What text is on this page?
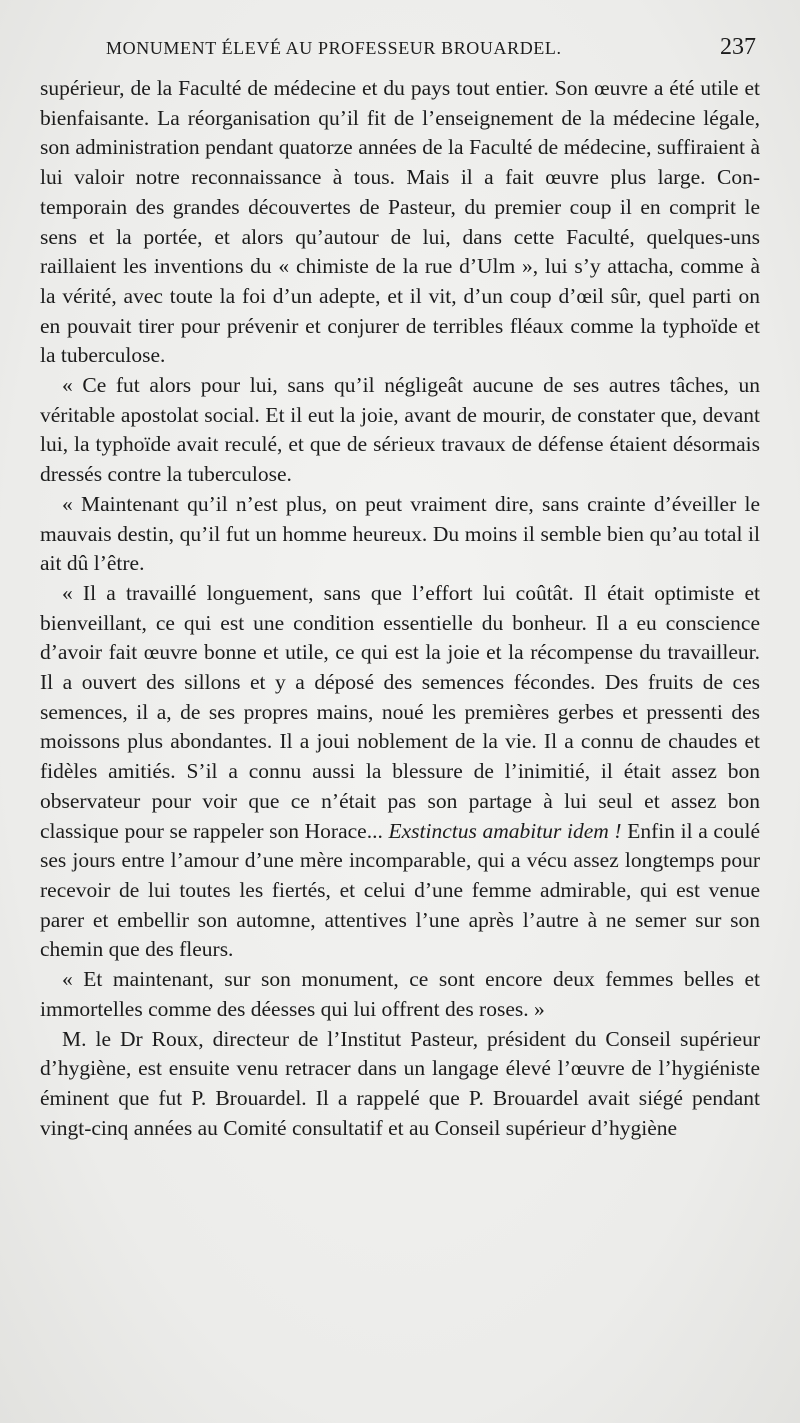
MONUMENT ÉLEVÉ AU PROFESSEUR BROUARDEL.	237

supérieur, de la Faculté de médecine et du pays tout entier. Son œuvre a été utile et bienfaisante. La réorganisation qu’il fit de l’enseignement de la médecine légale, son administration pendant quatorze années de la Faculté de médecine, suffiraient à lui valoir notre reconnaissance à tous. Mais il a fait œuvre plus large. Contemporain des grandes découvertes de Pasteur, du premier coup il en comprit le sens et la portée, et alors qu’autour de lui, dans cette Faculté, quelques-uns raillaient les inventions du « chimiste de la rue d’Ulm », lui s’y attacha, comme à la vérité, avec toute la foi d’un adepte, et il vit, d’un coup d’œil sûr, quel parti on en pouvait tirer pour prévenir et conjurer de terribles fléaux comme la typhoïde et la tuberculose.

« Ce fut alors pour lui, sans qu’il négligeât aucune de ses autres tâches, un véritable apostolat social. Et il eut la joie, avant de mourir, de constater que, devant lui, la typhoïde avait reculé, et que de sérieux travaux de défense étaient désormais dressés contre la tuberculose.

« Maintenant qu’il n’est plus, on peut vraiment dire, sans crainte d’éveiller le mauvais destin, qu’il fut un homme heureux. Du moins il semble bien qu’au total il ait dû l’être.

« Il a travaillé longuement, sans que l’effort lui coûtât. Il était optimiste et bienveillant, ce qui est une condition essentielle du bonheur. Il a eu conscience d’avoir fait œuvre bonne et utile, ce qui est la joie et la récompense du travailleur. Il a ouvert des sillons et y a déposé des semences fécondes. Des fruits de ces semences, il a, de ses propres mains, noué les premières gerbes et pressenti des moissons plus abondantes. Il a joui noblement de la vie. Il a connu de chaudes et fidèles amitiés. S’il a connu aussi la blessure de l’inimitié, il était assez bon observateur pour voir que ce n’était pas son partage à lui seul et assez bon classique pour se rappeler son Horace... Exstinctus amabitur idem ! Enfin il a coulé ses jours entre l’amour d’une mère incomparable, qui a vécu assez longtemps pour recevoir de lui toutes les fiertés, et celui d’une femme admirable, qui est venue parer et embellir son automne, attentives l’une après l’autre à ne semer sur son chemin que des fleurs.

« Et maintenant, sur son monument, ce sont encore deux femmes belles et immortelles comme des déesses qui lui offrent des roses. »

M. le Dr Roux, directeur de l’Institut Pasteur, président du Conseil supérieur d’hygiène, est ensuite venu retracer dans un langage élevé l’œuvre de l’hygiéniste éminent que fut P. Brouardel. Il a rappelé que P. Brouardel avait siégé pendant vingt-cinq années au Comité consultatif et au Conseil supérieur d’hygiène
